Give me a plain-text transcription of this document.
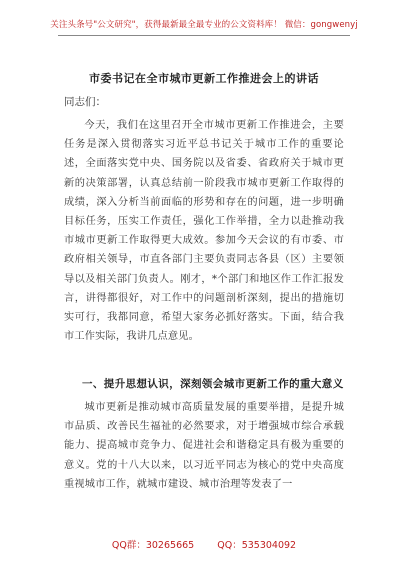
关注头条号"公文研究"，获得最新最全最专业的公文资料库！ 微信：gongwenyj
市委书记在全市城市更新工作推进会上的讲话
同志们：

今天，我们在这里召开全市城市更新工作推进会，主要任务是深入贯彻落实习近平总书记关于城市工作的重要论述，全面落实党中央、国务院以及省委、省政府关于城市更新的决策部署，认真总结前一阶段我市城市更新工作取得的成绩，深入分析当前面临的形势和存在的问题，进一步明确目标任务，压实工作责任，强化工作举措，全力以赴推动我市城市更新工作取得更大成效。参加今天会议的有市委、市政府相关领导，市直各部门主要负责同志各县（区）主要领导以及相关部门负责人。刚才，*个部门和地区作工作汇报发言，讲得都很好，对工作中的问题剖析深刻，提出的措施切实可行，我都同意，希望大家务必抓好落实。下面，结合我市工作实际，我讲几点意见。

一、提升思想认识，深刻领会城市更新工作的重大意义

城市更新是推动城市高质量发展的重要举措，是提升城市品质、改善民生福祉的必然要求，对于增强城市综合承载能力、提高城市竞争力、促进社会和谐稳定具有极为重要的意义。党的十八大以来，以习近平同志为核心的党中央高度重视城市工作，就城市建设、城市治理等发表了一

QQ群：30265665 QQ：535304092
